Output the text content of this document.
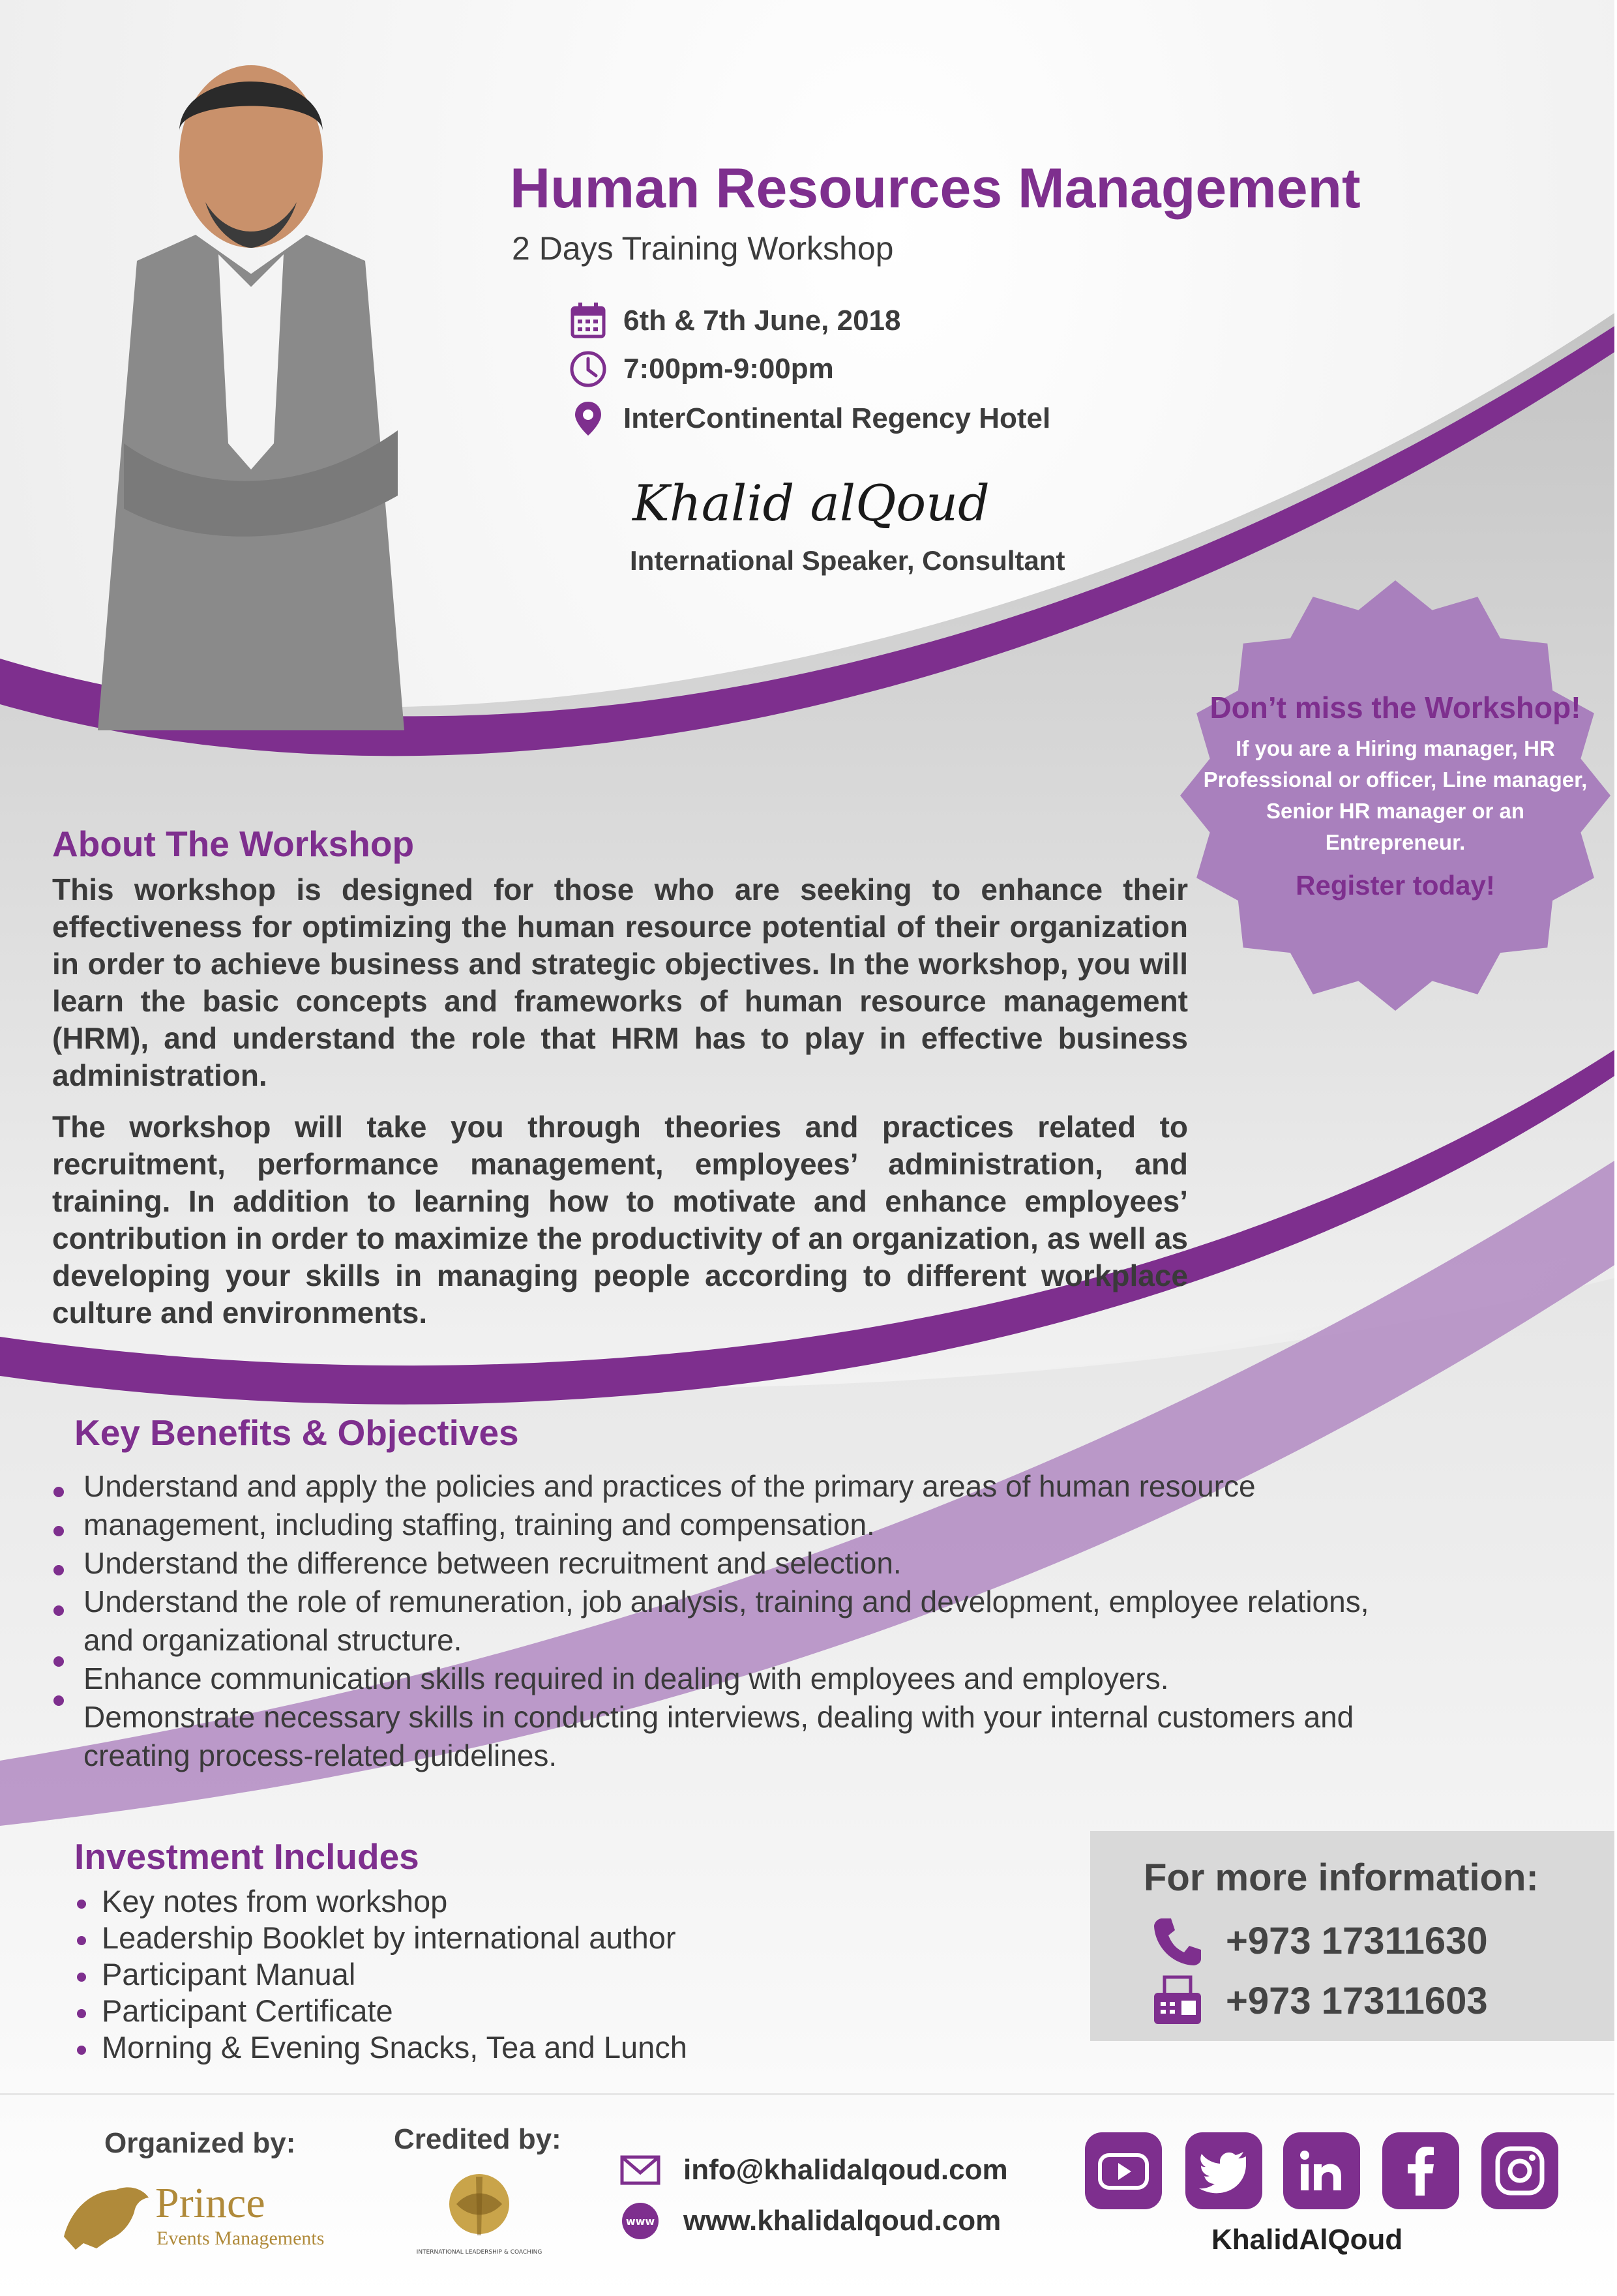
Human Resources Management
2 Days Training Workshop
6th & 7th June, 2018
7:00pm-9:00pm
InterContinental Regency Hotel
Khalid alQoud
International Speaker, Consultant
Don’t miss the Workshop!
If you are a Hiring manager, HR Professional or officer, Line manager, Senior HR manager or an Entrepreneur.
Register today!
About The Workshop
This workshop is designed for those who are seeking to enhance their effectiveness for optimizing the human resource potential of their organization in order to achieve business and strategic objectives. In the workshop, you will learn the basic concepts and frameworks of human resource management (HRM), and understand the role that HRM has to play in effective business administration.
The workshop will take you through theories and practices related to recruitment, performance management, employees’ administration, and training. In addition to learning how to motivate and enhance employees’ contribution in order to maximize the productivity of an organization, as well as developing your skills in managing people according to different workplace culture and environments.
Key Benefits & Objectives
Understand and apply the policies and practices of the primary areas of human resource
management, including staffing, training and compensation.
Understand the difference between recruitment and selection.
Understand the role of remuneration, job analysis, training and development, employee relations,
and organizational structure.
Enhance communication skills required in dealing with employees and employers.
Demonstrate necessary skills in conducting interviews, dealing with your internal customers and
creating process-related guidelines.
Investment Includes
Key notes from workshop
Leadership Booklet by international author
Participant Manual
Participant Certificate
Morning & Evening Snacks, Tea and Lunch
For more information:
+973 17311630
+973 17311603
Organized by:	Credited by:
Prince
Events Managements
INTERNATIONAL LEADERSHIP & COACHING
info@khalidalqoud.com
www www.khalidalqoud.com
KhalidAlQoud
